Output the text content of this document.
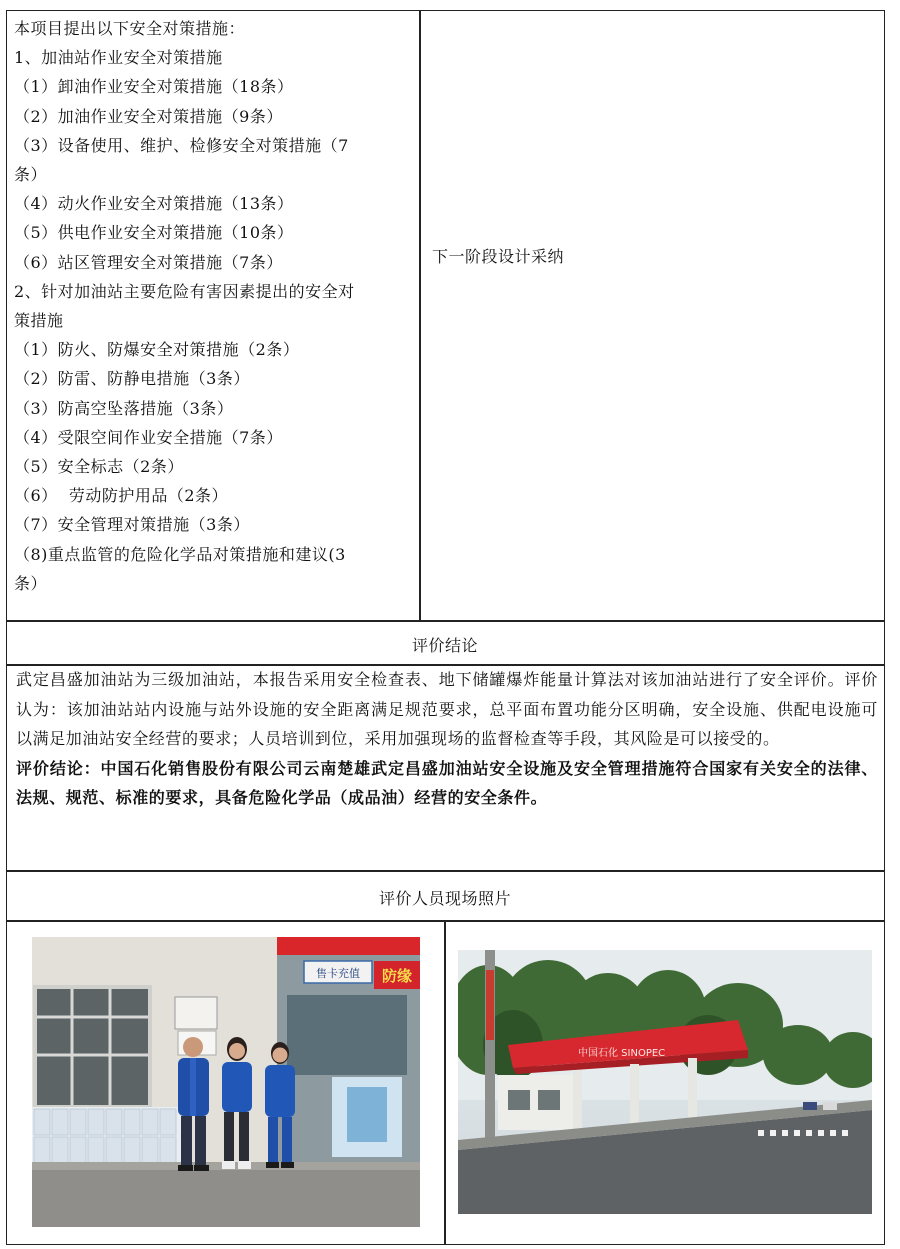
本项目提出以下安全对策措施：
1、加油站作业安全对策措施
（1）卸油作业安全对策措施（18条）
（2）加油作业安全对策措施（9条）
（3）设备使用、维护、检修安全对策措施（7
条）
（4）动火作业安全对策措施（13条）
（5）供电作业安全对策措施（10条）
（6）站区管理安全对策措施（7条）
2、针对加油站主要危险有害因素提出的安全对
策措施
（1）防火、防爆安全对策措施（2条）
（2）防雷、防静电措施（3条）
（3）防高空坠落措施（3条）
（4）受限空间作业安全措施（7条）
（5）安全标志（2条）
（6）  劳动防护用品（2条）
（7）安全管理对策措施（3条）
（8)重点监管的危险化学品对策措施和建议(3
条）
下一阶段设计采纳
评价结论
武定昌盛加油站为三级加油站，本报告采用安全检查表、地下储罐爆炸能量计算法对该加油站进行了安全评价。评价认为：该加油站站内设施与站外设施的安全距离满足规范要求，总平面布置功能分区明确，安全设施、供配电设施可以满足加油站安全经营的要求；人员培训到位，采用加强现场的监督检查等手段，其风险是可以接受的。
评价结论：中国石化销售股份有限公司云南楚雄武定昌盛加油站安全设施及安全管理措施符合国家有关安全的法律、法规、规范、标准的要求，具备危险化学品（成品油）经营的安全条件。
评价人员现场照片
售卡充值 防缘
中国石化 SINOPEC
